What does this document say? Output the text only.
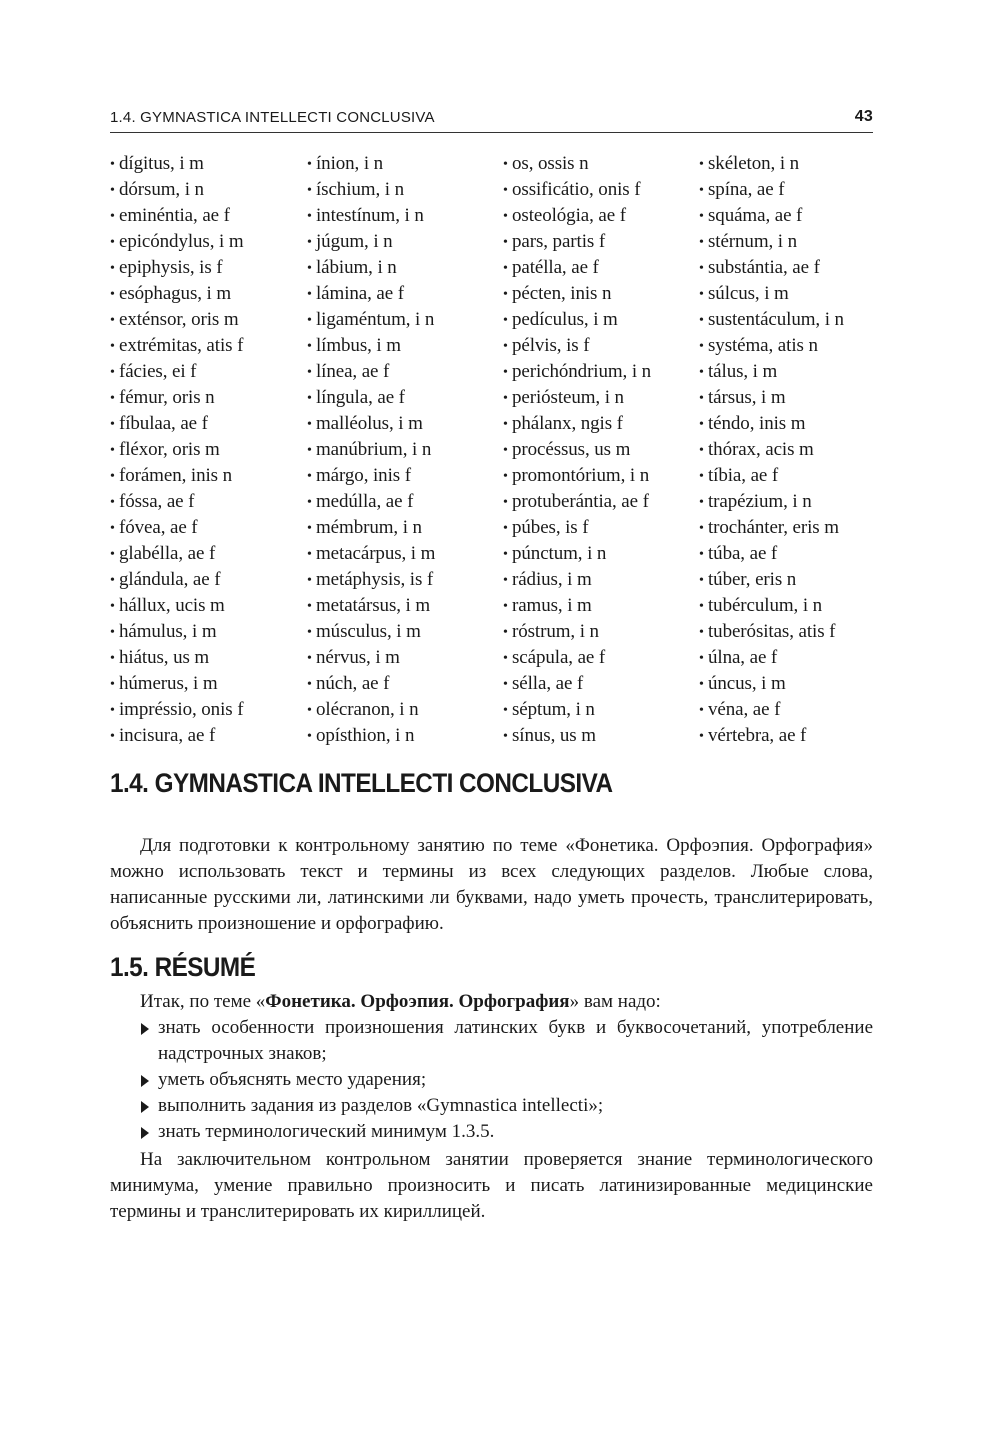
1.4. GYMNASTICA INTELLECTI CONCLUSIVA	43
• dígitus, i m
• dórsum, i n
• eminéntia, ae f
• epicóndylus, i m
• epiphysis, is f
• esóphagus, i m
• exténsor, oris m
• extrémitas, atis f
• fácies, ei f
• fémur, oris n
• fíbulaa, ae f
• fléxor, oris m
• forámen, inis n
• fóssa, ae f
• fóvea, ae f
• glabélla, ae f
• glándula, ae f
• hállux, ucis m
• hámulus, i m
• hiátus, us m
• húmerus, i m
• impréssio, onis f
• incisura, ae f
• ínion, i n
• íschium, i n
• intestínum, i n
• júgum, i n
• lábium, i n
• lámina, ae f
• ligaméntum, i n
• límbus, i m
• línea, ae f
• língula, ae f
• malléolus, i m
• manúbrium, i n
• márgo, inis f
• medúlla, ae f
• mémbrum, i n
• metacárpus, i m
• metáphysis, is f
• metatársus, i m
• músculus, i m
• nérvus, i m
• núch, ae f
• olécranon, i n
• opísthion, i n
• os, ossis n
• ossificátio, onis f
• osteológia, ae f
• pars, partis f
• patélla, ae f
• pécten, inis n
• pedículus, i m
• pélvis, is f
• perichóndrium, i n
• periósteum, i n
• phálanx, ngis f
• procéssus, us m
• promontórium, i n
• protuberántia, ae f
• púbes, is f
• púnctum, i n
• rádius, i m
• ramus, i m
• róstrum, i n
• scápula, ae f
• sélla, ae f
• séptum, i n
• sínus, us m
• skéleton, i n
• spína, ae f
• squáma, ae f
• stérnum, i n
• substántia, ae f
• súlcus, i m
• sustentáculum, i n
• systéma, atis n
• tálus, i m
• társus, i m
• téndo, inis m
• thórax, acis m
• tíbia, ae f
• trapézium, i n
• trochánter, eris m
• túba, ae f
• túber, eris n
• tubérculum, i n
• tuberósitas, atis f
• úlna, ae f
• úncus, i m
• véna, ae f
• vértebra, ae f
1.4. GYMNASTICA INTELLECTI CONCLUSIVA

Для подготовки к контрольному занятию по теме «Фонетика. Орфоэпия. Орфография» можно использовать текст и термины из всех следующих разделов. Любые слова, написанные русскими ли, латинскими ли буквами, надо уметь прочесть, транслитерировать, объяснить произношение и орфографию.

1.5. RÉSUMÉ

Итак, по теме «Фонетика. Орфоэпия. Орфография» вам надо:

знать особенности произношения латинских букв и буквосочетаний, употребление надстрочных знаков;
уметь объяснять место ударения;
выполнить задания из разделов «Gymnastica intellecti»;
знать терминологический минимум 1.3.5.

На заключительном контрольном занятии проверяется знание терминологического минимума, умение правильно произносить и писать латинизированные медицинские термины и транслитерировать их кириллицей.
